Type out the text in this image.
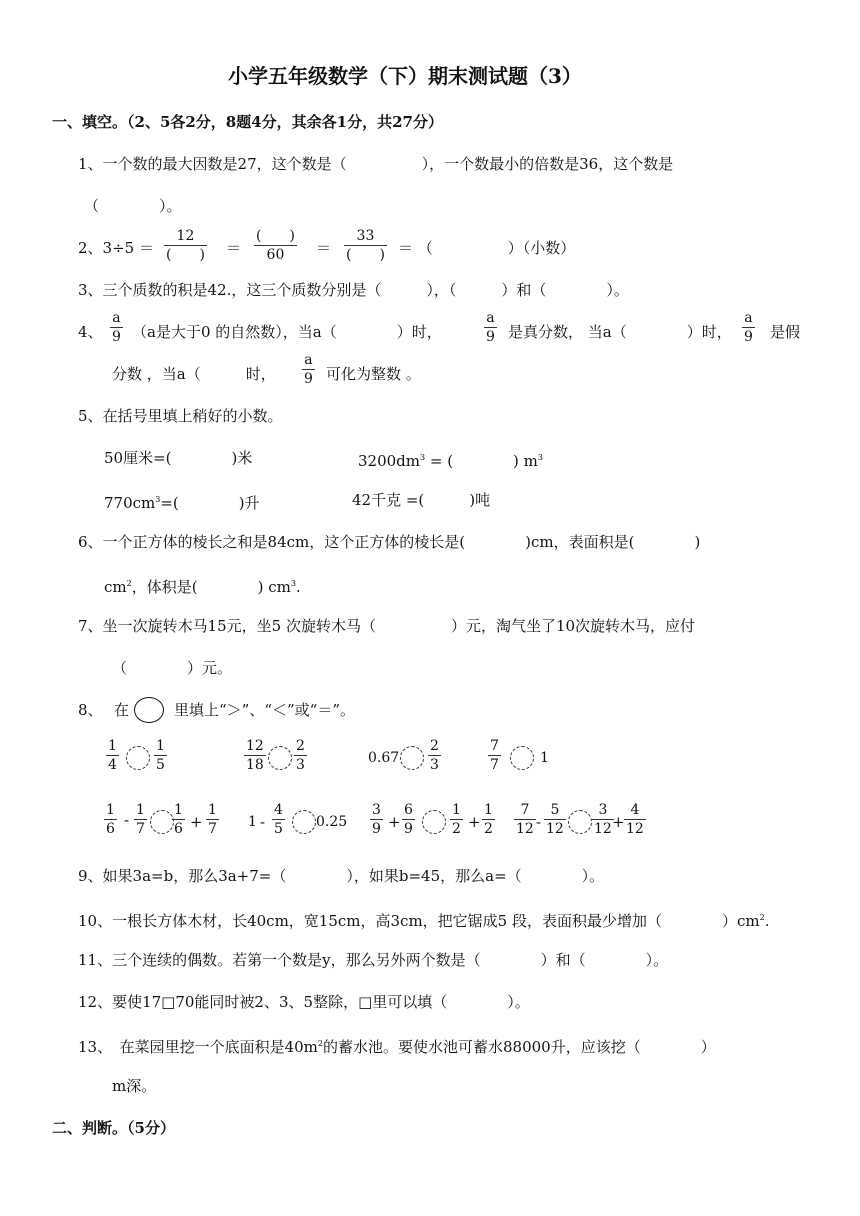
小学五年级数学（下）期末测试题（3）
一、填空。（2、5各2分，8题4分，其余各1分，共27分）
1、一个数的最大因数是27，这个数是（　　　　　），一个数最小的倍数是36，这个数是
（　　　　）。
2、3÷5 ＝
12
(　　) ＝
(　　)
60 ＝
33
(　　) ＝ （　　　　　）（小数）
3、三个质数的积是42.，这三个质数分别是（　　　），（　　　）和（　　　　）。
4、
a
9 （a是大于0 的自然数），当a（　　　　）时，
a
9 是真分数， 当a（　　　　）时，
a
9 是假
分数 ，当a（　　　时，
a
9 可化为整数 。
5、在括号里填上稍好的小数。
50厘米=(　　　　)米	$3200dm^3$ = (　　　　) $m^3$
$770cm^3=$(　　　　)升	42千克 =(　　　)吨
6、一个正方体的棱长之和是84cm，这个正方体的棱长是(　　　　)cm，表面积是(　　　　)
$cm^2$，体积是(　　　　) $cm^3$.
7、坐一次旋转木马15元，坐5 次旋转木马（　　　　　）元，淘气坐了10次旋转木马，应付
（　　　　）元。
8、 在	里填上“＞”、“＜”或“＝”。
1
4
1
5
12
18
2
3	0.67
2
3
7
7	1
1
6 -
1
7
1
6 +
1
7 1 -
4
5 0.25
3
9 +
6
9
1
2 +
1
2
7
12 -
5
12
3
12 +
4
12
9、如果3a=b，那么3a+7=（　　　　），如果b=45，那么a=（　　　　）。
10、一根长方体木材，长40cm，宽15cm，高3cm，把它锯成5 段，表面积最少增加（　　　　）$cm^2$.
11、三个连续的偶数。若第一个数是y，那么另外两个数是（　　　　）和（　　　　）。
12、要使17□70能同时被2、3、5整除，□里可以填（　　　　）。
13、　在菜园里挖一个底面积是$40m^2$的蓄水池。要使水池可蓄水88000升，应该挖（　　　　）
m深。
二、判断。（5分）
